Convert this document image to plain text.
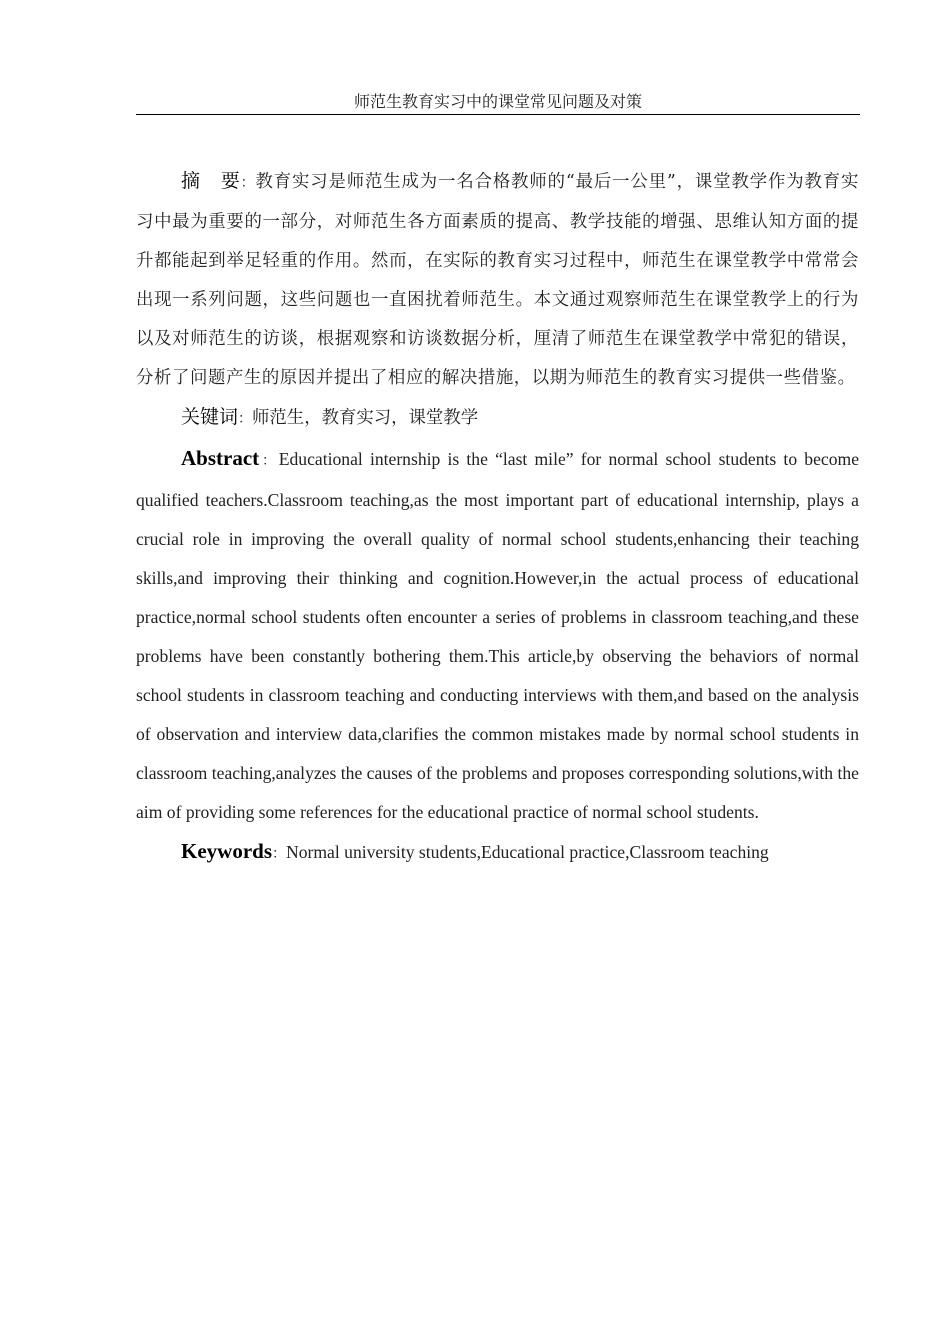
师范生教育实习中的课堂常见问题及对策

摘　要：教育实习是师范生成为一名合格教师的“最后一公里”，课堂教学作为教育实习中最为重要的一部分，对师范生各方面素质的提高、教学技能的增强、思维认知方面的提升都能起到举足轻重的作用。然而，在实际的教育实习过程中，师范生在课堂教学中常常会出现一系列问题，这些问题也一直困扰着师范生。本文通过观察师范生在课堂教学上的行为以及对师范生的访谈，根据观察和访谈数据分析，厘清了师范生在课堂教学中常犯的错误，分析了问题产生的原因并提出了相应的解决措施，以期为师范生的教育实习提供一些借鉴。

关键词：师范生，教育实习，课堂教学

Abstract：Educational internship is the “last mile” for normal school students to become qualified teachers.Classroom teaching,as the most important part of educational internship, plays a crucial role in improving the overall quality of normal school students,enhancing their teaching skills,and improving their thinking and cognition.However,in the actual process of educational practice,normal school students often encounter a series of problems in classroom teaching,and these problems have been constantly bothering them.This article,by observing the behaviors of normal school students in classroom teaching and conducting interviews with them,and based on the analysis of observation and interview data,clarifies the common mistakes made by normal school students in classroom teaching,analyzes the causes of the problems and proposes corresponding solutions,with the aim of providing some references for the educational practice of normal school students.

Keywords：Normal university students,Educational practice,Classroom teaching
